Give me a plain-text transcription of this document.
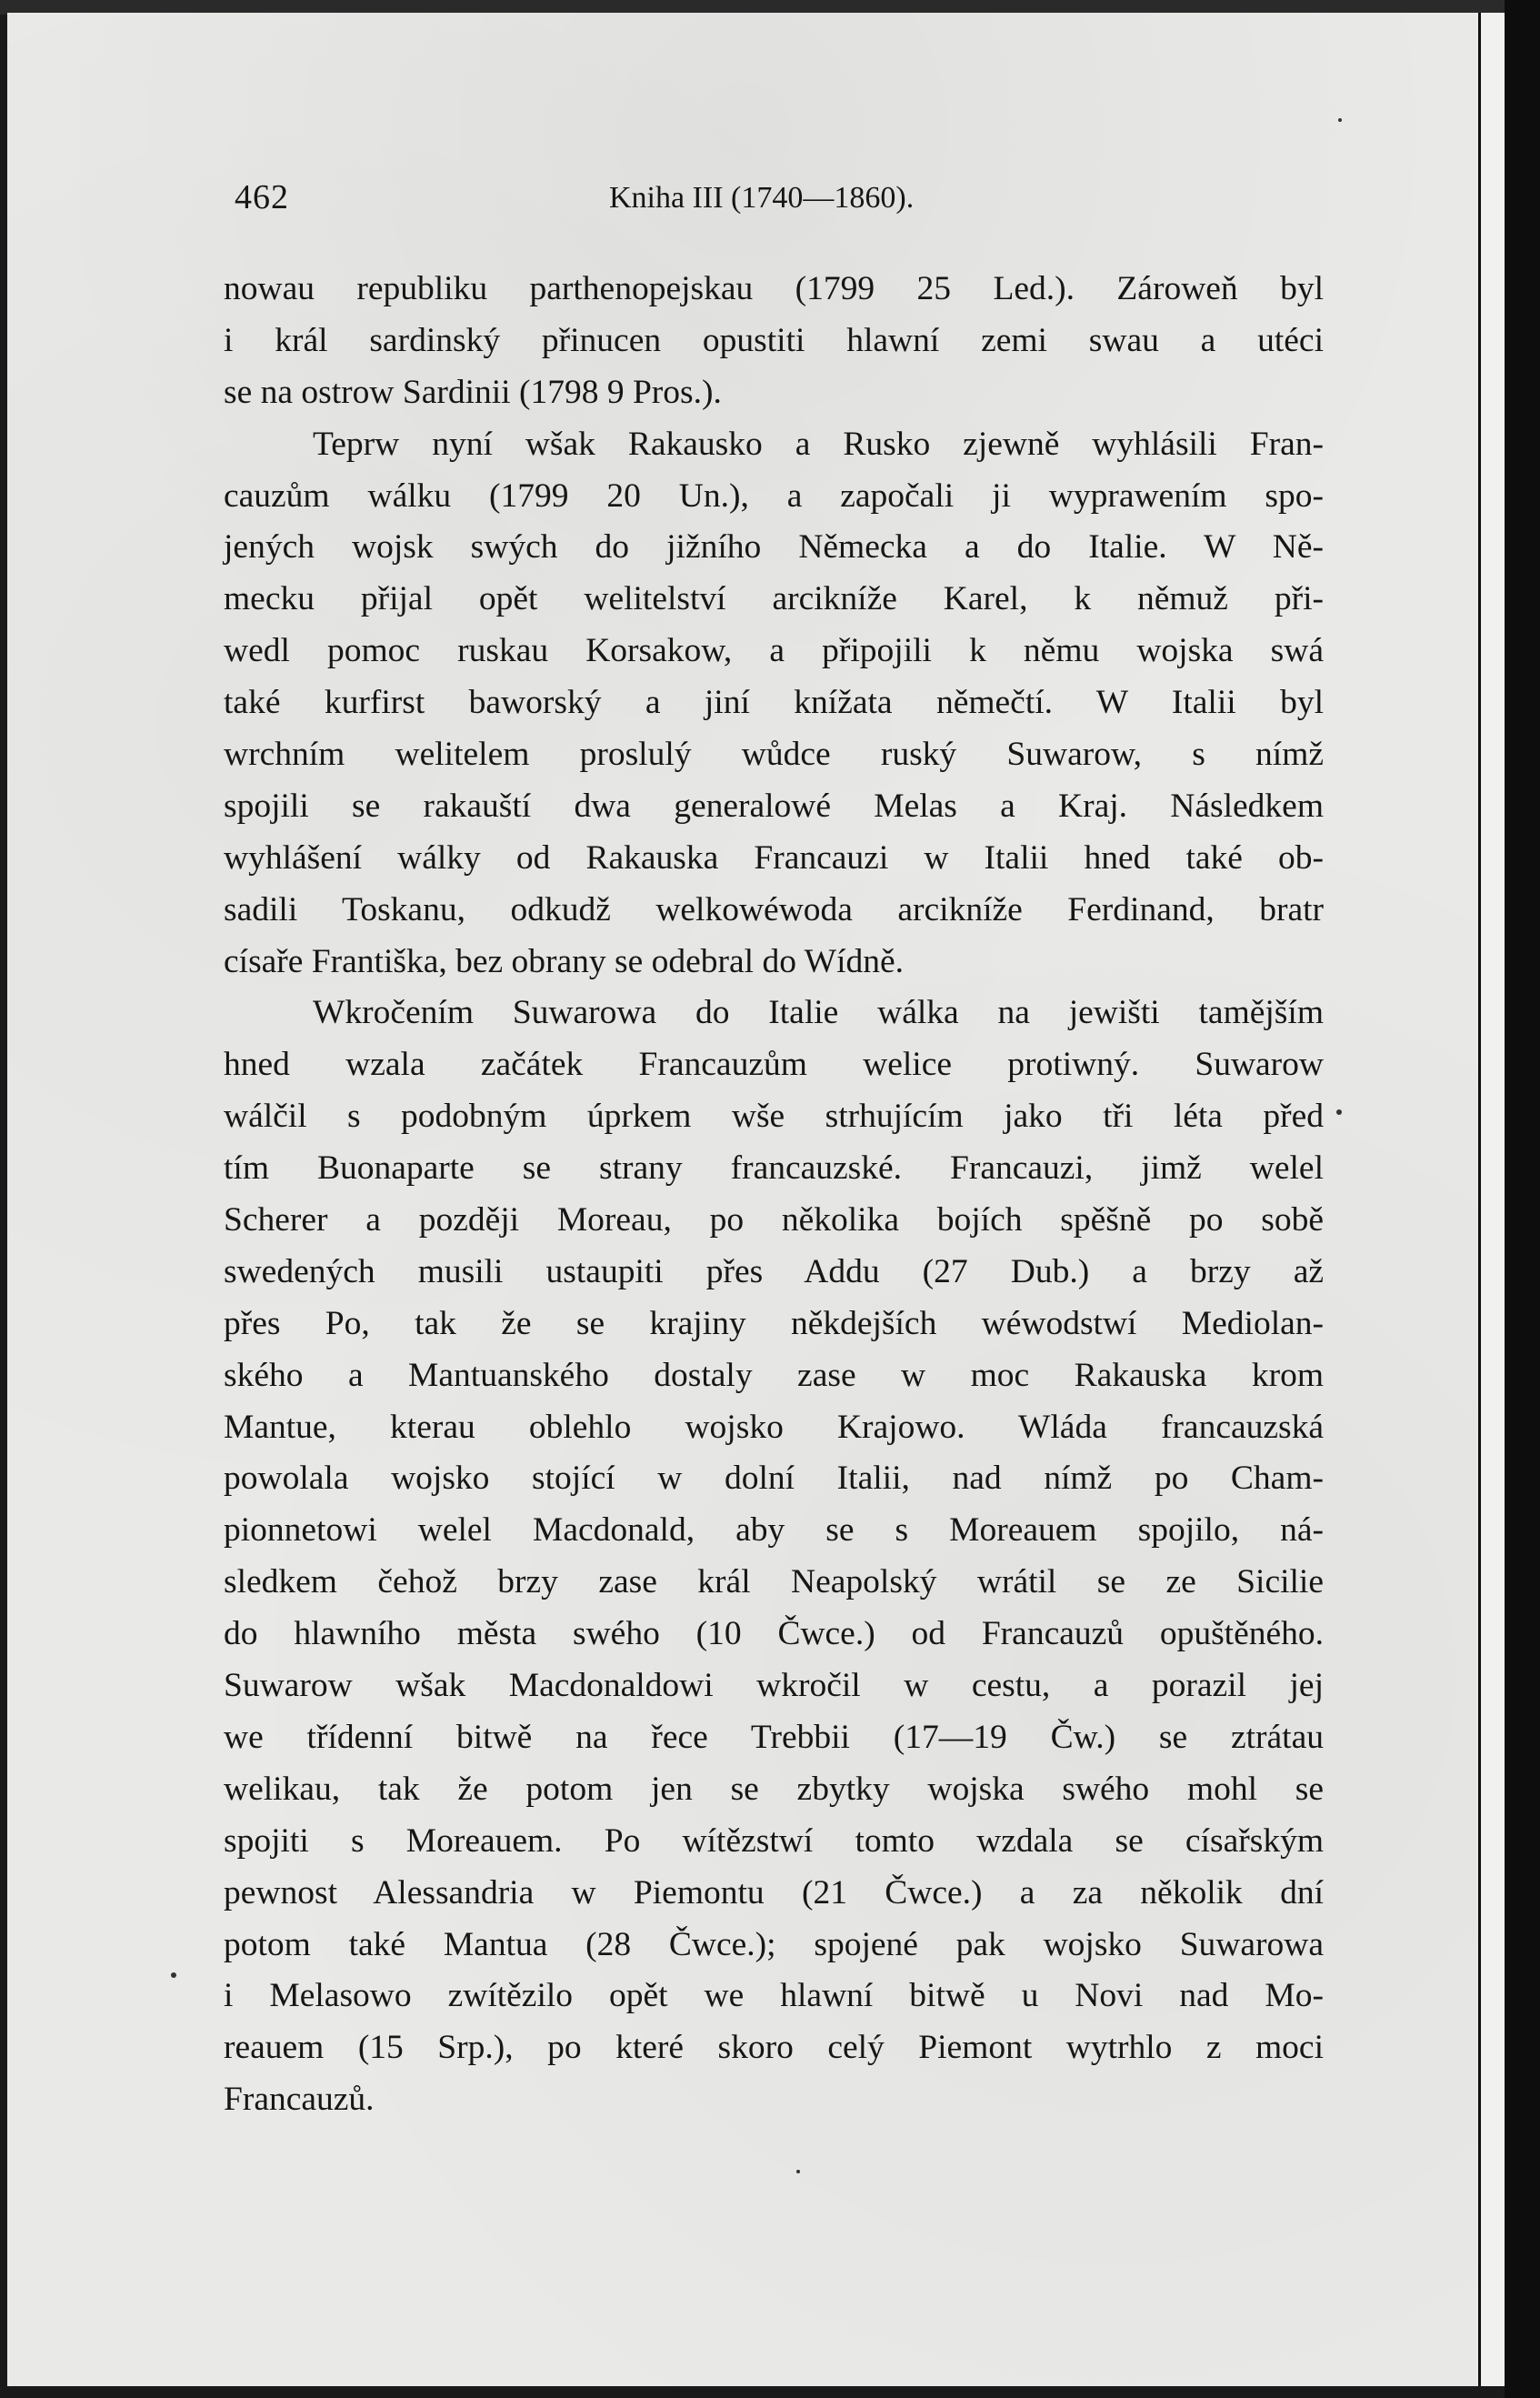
462	Kniha III (1740—1860).
nowau republiku parthenopejskau (1799 25 Led.). Zároweň byl
i král sardinský přinucen opustiti hlawní zemi swau a utéci
se na ostrow Sardinii (1798 9 Pros.).
Teprw nyní wšak Rakausko a Rusko zjewně wyhlásili Fran-
cauzům wálku (1799 20 Un.), a započali ji wyprawením spo-
jených wojsk swých do jižního Německa a do Italie. W Ně-
mecku přijal opět welitelství arcikníže Karel, k němuž při-
wedl pomoc ruskau Korsakow, a připojili k němu wojska swá
také kurfirst baworský a jiní knížata němečtí. W Italii byl
wrchním welitelem proslulý wůdce ruský Suwarow, s nímž
spojili se rakauští dwa generalowé Melas a Kraj. Následkem
wyhlášení wálky od Rakauska Francauzi w Italii hned také ob-
sadili Toskanu, odkudž welkowéwoda arcikníže Ferdinand, bratr
císaře Františka, bez obrany se odebral do Wídně.
Wkročením Suwarowa do Italie wálka na jewišti tamějším
hned wzala začátek Francauzům welice protiwný. Suwarow
wálčil s podobným úprkem wše strhujícím jako tři léta před
tím Buonaparte se strany francauzské. Francauzi, jimž welel
Scherer a později Moreau, po několika bojích spěšně po sobě
swedených musili ustaupiti přes Addu (27 Dub.) a brzy až
přes Po, tak že se krajiny někdejších wéwodstwí Mediolan-
ského a Mantuanského dostaly zase w moc Rakauska krom
Mantue, kterau oblehlo wojsko Krajowo. Wláda francauzská
powolala wojsko stojící w dolní Italii, nad nímž po Cham-
pionnetowi welel Macdonald, aby se s Moreauem spojilo, ná-
sledkem čehož brzy zase král Neapolský wrátil se ze Sicilie
do hlawního města swého (10 Čwce.) od Francauzů opuštěného.
Suwarow wšak Macdonaldowi wkročil w cestu, a porazil jej
we třídenní bitwě na řece Trebbii (17—19 Čw.) se ztrátau
welikau, tak že potom jen se zbytky wojska swého mohl se
spojiti s Moreauem. Po wítězstwí tomto wzdala se císařským
pewnost Alessandria w Piemontu (21 Čwce.) a za několik dní
potom také Mantua (28 Čwce.); spojené pak wojsko Suwarowa
i Melasowo zwítězilo opět we hlawní bitwě u Novi nad Mo-
reauem (15 Srp.), po které skoro celý Piemont wytrhlo z moci
Francauzů.
